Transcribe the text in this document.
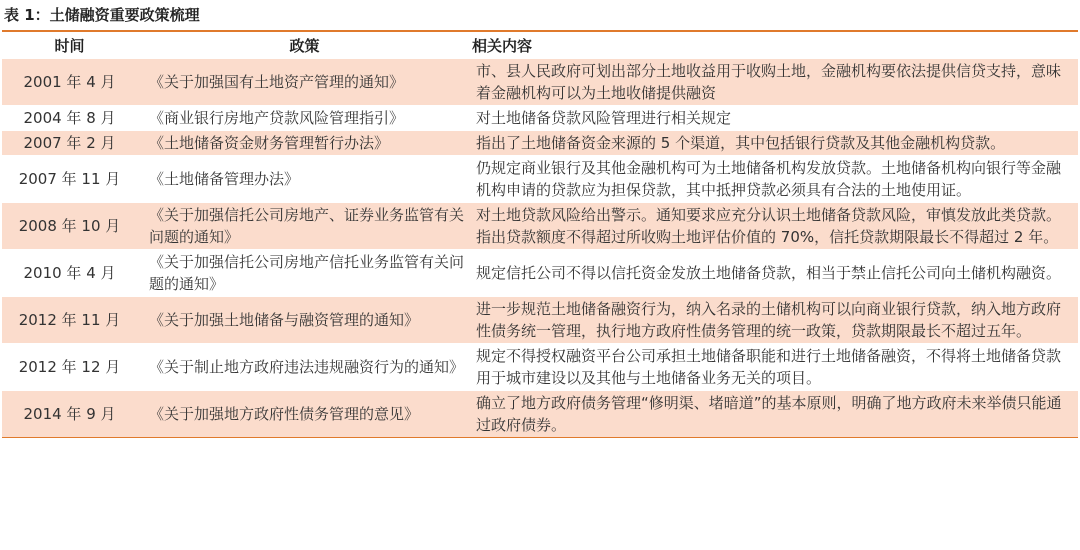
表 1：土储融资重要政策梳理
时间	政策	相关内容
2001 年 4 月	《关于加强国有土地资产管理的通知》	市、县人民政府可划出部分土地收益用于收购土地，金融机构要依法提供信贷支持，意味着金融机构可以为土地收储提供融资
2004 年 8 月	《商业银行房地产贷款风险管理指引》	对土地储备贷款风险管理进行相关规定
2007 年 2 月	《土地储备资金财务管理暂行办法》	指出了土地储备资金来源的 5 个渠道，其中包括银行贷款及其他金融机构贷款。
2007 年 11 月	《土地储备管理办法》	仍规定商业银行及其他金融机构可为土地储备机构发放贷款。土地储备机构向银行等金融机构申请的贷款应为担保贷款，其中抵押贷款必须具有合法的土地使用证。
2008 年 10 月	《关于加强信托公司房地产、证券业务监管有关问题的通知》	对土地贷款风险给出警示。通知要求应充分认识土地储备贷款风险，审慎发放此类贷款。指出贷款额度不得超过所收购土地评估价值的 70%，信托贷款期限最长不得超过 2 年。
2010 年 4 月	《关于加强信托公司房地产信托业务监管有关问题的通知》	规定信托公司不得以信托资金发放土地储备贷款，相当于禁止信托公司向土储机构融资。
2012 年 11 月	《关于加强土地储备与融资管理的通知》	进一步规范土地储备融资行为，纳入名录的土储机构可以向商业银行贷款，纳入地方政府性债务统一管理，执行地方政府性债务管理的统一政策，贷款期限最长不超过五年。
2012 年 12 月	《关于制止地方政府违法违规融资行为的通知》	规定不得授权融资平台公司承担土地储备职能和进行土地储备融资，不得将土地储备贷款用于城市建设以及其他与土地储备业务无关的项目。
2014 年 9 月	《关于加强地方政府性债务管理的意见》	确立了地方政府债务管理“修明渠、堵暗道”的基本原则，明确了地方政府未来举债只能通过政府债券。
